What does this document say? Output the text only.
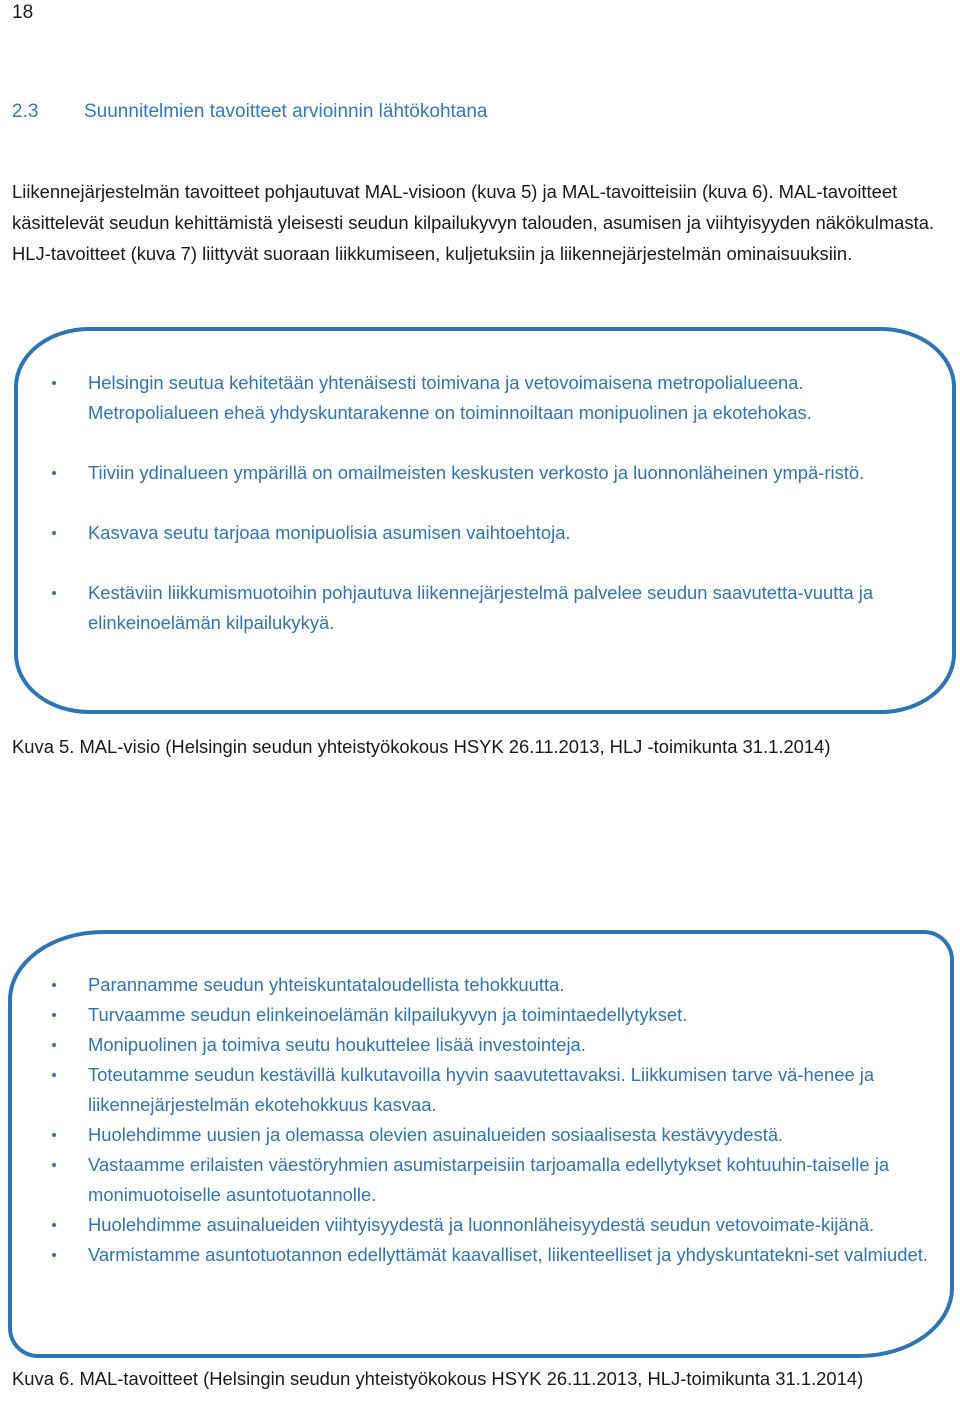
18
2.3 Suunnitelmien tavoitteet arvioinnin lähtökohtana

Liikennejärjestelmän tavoitteet pohjautuvat MAL-visioon (kuva 5) ja MAL-tavoitteisiin (kuva 6). MAL-tavoitteet käsittelevät seudun kehittämistä yleisesti seudun kilpailukyvyn talouden, asumisen ja viihtyisyyden näkökulmasta. HLJ-tavoitteet (kuva 7) liittyvät suoraan liikkumiseen, kuljetuksiin ja liikennejärjestelmän ominaisuuksiin.

Helsingin seutua kehitetään yhtenäisesti toimivana ja vetovoimaisena metropolialueena.
Metropolialueen eheä yhdyskuntarakenne on toiminnoiltaan monipuolinen ja ekotehokas.
Tiiviin ydinalueen ympärillä on omailmeisten keskusten verkosto ja luonnonläheinen ympä-ristö.
Kasvava seutu tarjoaa monipuolisia asumisen vaihtoehtoja.
Kestäviin liikkumismuotoihin pohjautuva liikennejärjestelmä palvelee seudun saavutetta-vuutta ja elinkeinoelämän kilpailukykyä.
Kuva 5. MAL-visio (Helsingin seudun yhteistyökokous HSYK 26.11.2013, HLJ -toimikunta 31.1.2014)
Parannamme seudun yhteiskuntataloudellista tehokkuutta.
Turvaamme seudun elinkeinoelämän kilpailukyvyn ja toimintaedellytykset.
Monipuolinen ja toimiva seutu houkuttelee lisää investointeja.
Toteutamme seudun kestävillä kulkutavoilla hyvin saavutettavaksi. Liikkumisen tarve vä-henee ja liikennejärjestelmän ekotehokkuus kasvaa.
Huolehdimme uusien ja olemassa olevien asuinalueiden sosiaalisesta kestävyydestä.
Vastaamme erilaisten väestöryhmien asumistarpeisiin tarjoamalla edellytykset kohtuuhin-taiselle ja monimuotoiselle asuntotuotannolle.
Huolehdimme asuinalueiden viihtyisyydestä ja luonnonläheisyydestä seudun vetovoimate-kijänä.
Varmistamme asuntotuotannon edellyttämät kaavalliset, liikenteelliset ja yhdyskuntatekni-set valmiudet.
Kuva 6. MAL-tavoitteet (Helsingin seudun yhteistyökokous HSYK 26.11.2013, HLJ-toimikunta 31.1.2014)
